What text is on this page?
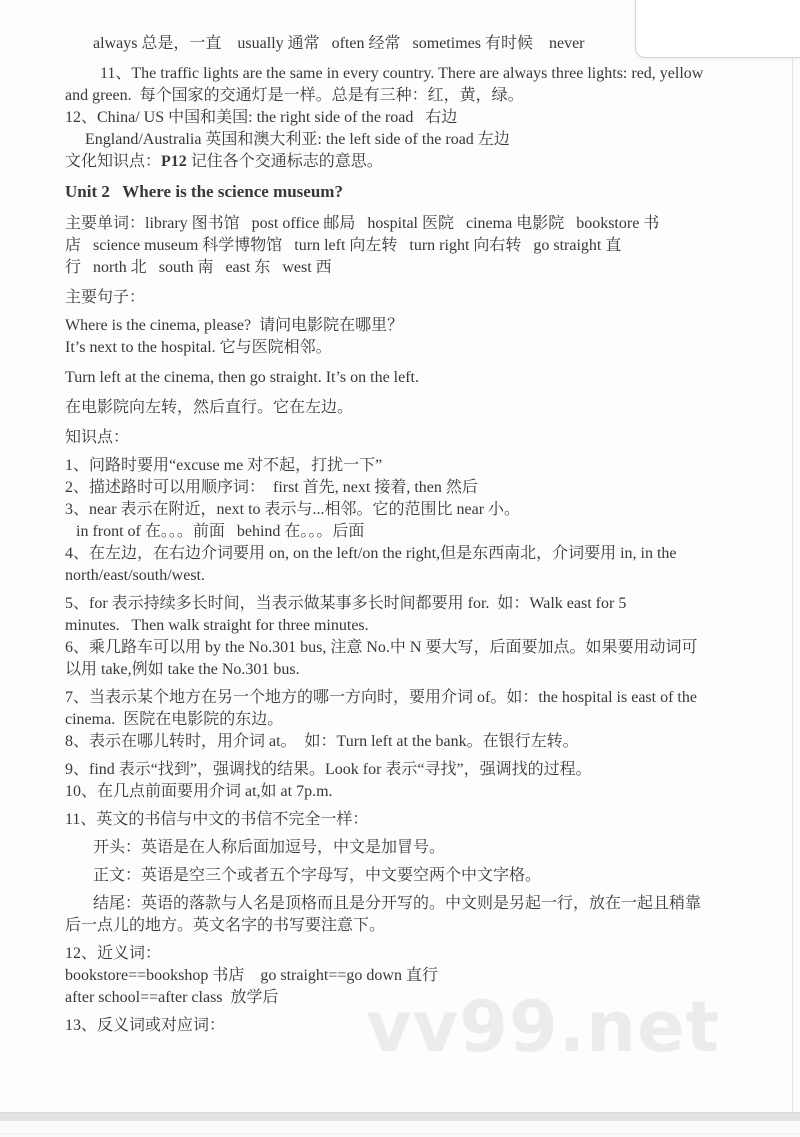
vv99.net
always 总是，一直    usually 通常   often 经常   sometimes 有时候    never
11、The traffic lights are the same in every country. There are always three lights: red, yellow
and green.  每个国家的交通灯是一样。总是有三种：红，黄，绿。
12、China/ US 中国和美国: the right side of the road   右边
England/Australia 英国和澳大利亚: the left side of the road 左边
文化知识点：P12 记住各个交通标志的意思。
Unit 2   Where is the science museum?
主要单词：library 图书馆   post office 邮局   hospital 医院   cinema 电影院   bookstore 书
店   science museum 科学博物馆   turn left 向左转   turn right 向右转   go straight 直
行   north 北   south 南   east 东   west 西
主要句子：
Where is the cinema, please?  请问电影院在哪里？
It’s next to the hospital. 它与医院相邻。
Turn left at the cinema, then go straight. It’s on the left.
在电影院向左转，然后直行。它在左边。
知识点：
1、问路时要用“excuse me 对不起，打扰一下”
2、描述路时可以用顺序词：  first 首先, next 接着, then 然后
3、near 表示在附近，next to 表示与...相邻。它的范围比 near 小。
in front of 在。。。前面   behind 在。。。后面
4、在左边，在右边介词要用 on, on the left/on the right,但是东西南北，介词要用 in, in the
north/east/south/west.
5、for 表示持续多长时间，当表示做某事多长时间都要用 for.  如：Walk east for 5
minutes.   Then walk straight for three minutes.
6、乘几路车可以用 by the No.301 bus, 注意 No.中 N 要大写，后面要加点。如果要用动词可
以用 take,例如 take the No.301 bus.
7、当表示某个地方在另一个地方的哪一方向时，要用介词 of。如：the hospital is east of the
cinema.  医院在电影院的东边。
8、表示在哪儿转时，用介词 at。  如：Turn left at the bank。在银行左转。
9、find 表示“找到”，强调找的结果。Look for 表示“寻找”，强调找的过程。
10、在几点前面要用介词 at,如 at 7p.m.
11、英文的书信与中文的书信不完全一样：
开头：英语是在人称后面加逗号，中文是加冒号。
正文：英语是空三个或者五个字母写，中文要空两个中文字格。
结尾：英语的落款与人名是顶格而且是分开写的。中文则是另起一行，放在一起且稍靠
后一点儿的地方。英文名字的书写要注意下。
12、近义词：
bookstore==bookshop 书店    go straight==go down 直行
after school==after class  放学后
13、反义词或对应词：
